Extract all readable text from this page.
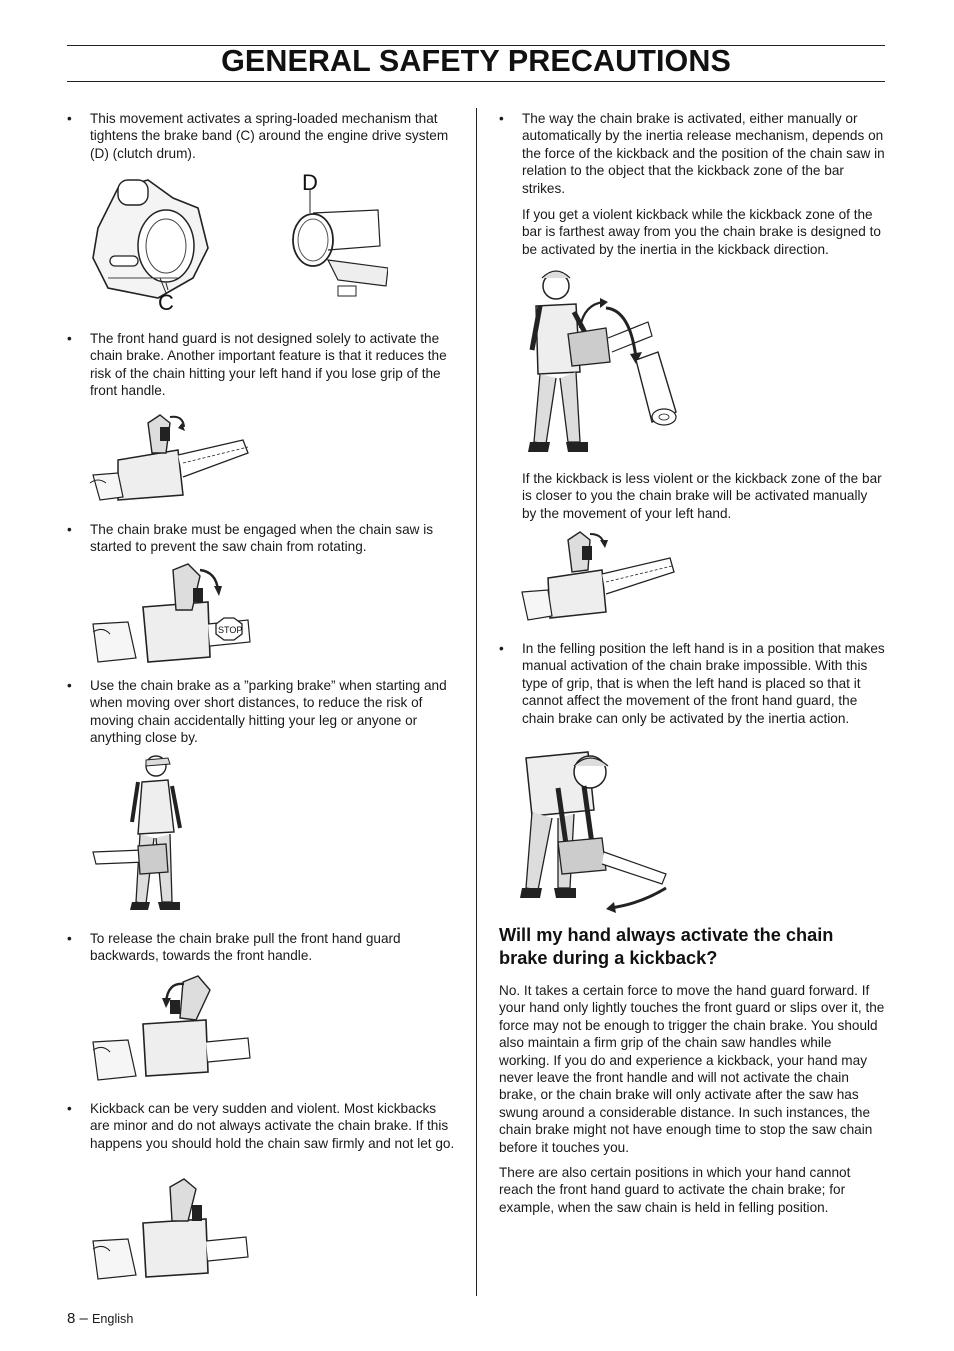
GENERAL SAFETY PRECAUTIONS
• This movement activates a spring-loaded mechanism that tightens the brake band (C) around the engine drive system (D) (clutch drum).
D
C
• The front hand guard is not designed solely to activate the chain brake. Another important feature is that it reduces the risk of the chain hitting your left hand if you lose grip of the front handle.
• The chain brake must be engaged when the chain saw is started to prevent the saw chain from rotating.
STOP
• Use the chain brake as a ”parking brake” when starting and when moving over short distances, to reduce the risk of moving chain accidentally hitting your leg or anyone or anything close by.
• To release the chain brake pull the front hand guard backwards, towards the front handle.
• Kickback can be very sudden and violent. Most kickbacks are minor and do not always activate the chain brake. If this happens you should hold the chain saw firmly and not let go.
• The way the chain brake is activated, either manually or automatically by the inertia release mechanism, depends on the force of the kickback and the position of the chain saw in relation to the object that the kickback zone of the bar strikes.
If you get a violent kickback while the kickback zone of the bar is farthest away from you the chain brake is designed to be activated by the inertia in the kickback direction.
If the kickback is less violent or the kickback zone of the bar is closer to you the chain brake will be activated manually by the movement of your left hand.
• In the felling position the left hand is in a position that makes manual activation of the chain brake impossible. With this type of grip, that is when the left hand is placed so that it cannot affect the movement of the front hand guard, the chain brake can only be activated by the inertia action.
Will my hand always activate the chain brake during a kickback?
No. It takes a certain force to move the hand guard forward. If your hand only lightly touches the front guard or slips over it, the force may not be enough to trigger the chain brake. You should also maintain a firm grip of the chain saw handles while working. If you do and experience a kickback, your hand may never leave the front handle and will not activate the chain brake, or the chain brake will only activate after the saw has swung around a considerable distance. In such instances, the chain brake might not have enough time to stop the saw chain before it touches you.
There are also certain positions in which your hand cannot reach the front hand guard to activate the chain brake; for example, when the saw chain is held in felling position.
8 – English
